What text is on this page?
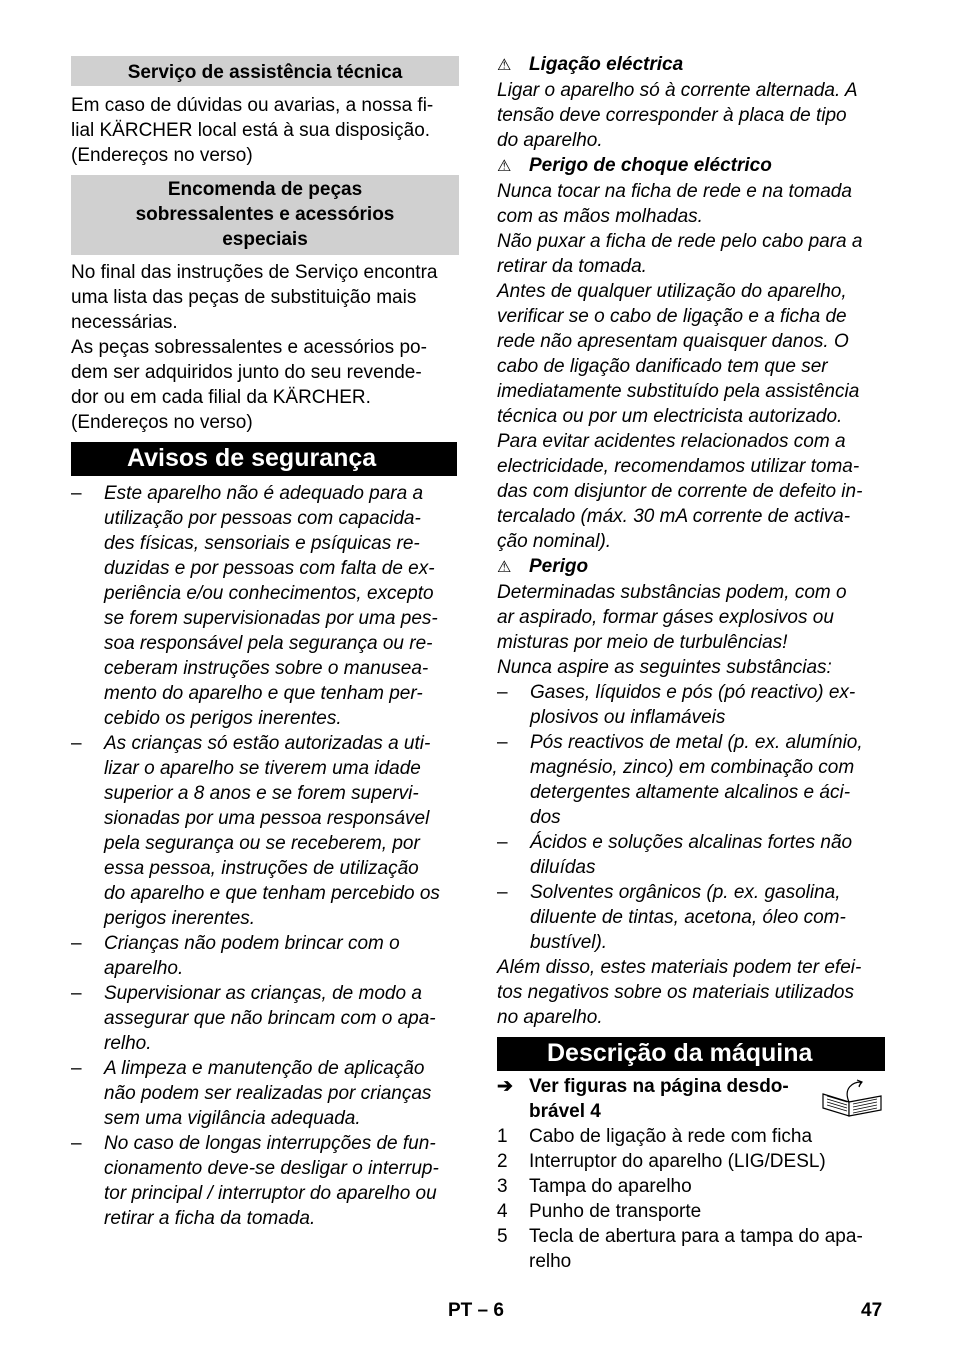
Serviço de assistência técnica
Em caso de dúvidas ou avarias, a nossa fi-
lial KÄRCHER local está à sua disposição.
(Endereços no verso)
Encomenda de peças
sobressalentes e acessórios
especiais
No final das instruções de Serviço encontra
uma lista das peças de substituição mais
necessárias.
As peças sobressalentes e acessórios po-
dem ser adquiridos junto do seu revende-
dor ou em cada filial da KÄRCHER.
(Endereços no verso)
Avisos de segurança
– Este aparelho não é adequado para a
utilização por pessoas com capacida-
des físicas, sensoriais e psíquicas re-
duzidas e por pessoas com falta de ex-
periência e/ou conhecimentos, excepto
se forem supervisionadas por uma pes-
soa responsável pela segurança ou re-
ceberam instruções sobre o manusea-
mento do aparelho e que tenham per-
cebido os perigos inerentes.
– As crianças só estão autorizadas a uti-
lizar o aparelho se tiverem uma idade
superior a 8 anos e se forem supervi-
sionadas por uma pessoa responsável
pela segurança ou se receberem, por
essa pessoa, instruções de utilização
do aparelho e que tenham percebido os
perigos inerentes.
– Crianças não podem brincar com o
aparelho.
– Supervisionar as crianças, de modo a
assegurar que não brincam com o apa-
relho.
– A limpeza e manutenção de aplicação
não podem ser realizadas por crianças
sem uma vigilância adequada.
– No caso de longas interrupções de fun-
cionamento deve-se desligar o interrup-
tor principal / interruptor do aparelho ou
retirar a ficha da tomada.
⚠ Ligação eléctrica
Ligar o aparelho só à corrente alternada. A
tensão deve corresponder à placa de tipo
do aparelho.
⚠ Perigo de choque eléctrico
Nunca tocar na ficha de rede e na tomada
com as mãos molhadas.
Não puxar a ficha de rede pelo cabo para a
retirar da tomada.
Antes de qualquer utilização do aparelho,
verificar se o cabo de ligação e a ficha de
rede não apresentam quaisquer danos. O
cabo de ligação danificado tem que ser
imediatamente substituído pela assistência
técnica ou por um electricista autorizado.
Para evitar acidentes relacionados com a
electricidade, recomendamos utilizar toma-
das com disjuntor de corrente de defeito in-
tercalado (máx. 30 mA corrente de activa-
ção nominal).
⚠ Perigo
Determinadas substâncias podem, com o
ar aspirado, formar gáses explosivos ou
misturas por meio de turbulências!
Nunca aspire as seguintes substâncias:
– Gases, líquidos e pós (pó reactivo) ex-
plosivos ou inflamáveis
– Pós reactivos de metal (p. ex. alumínio,
magnésio, zinco) em combinação com
detergentes altamente alcalinos e áci-
dos
– Ácidos e soluções alcalinas fortes não
diluídas
– Solventes orgânicos (p. ex. gasolina,
diluente de tintas, acetona, óleo com-
bustível).
Além disso, estes materiais podem ter efei-
tos negativos sobre os materiais utilizados
no aparelho.
Descrição da máquina
➔ Ver figuras na página desdo-
brável 4
1 Cabo de ligação à rede com ficha
2 Interruptor do aparelho (LIG/DESL)
3 Tampa do aparelho
4 Punho de transporte
5 Tecla de abertura para a tampa do apa-
relho
PT – 6	47
